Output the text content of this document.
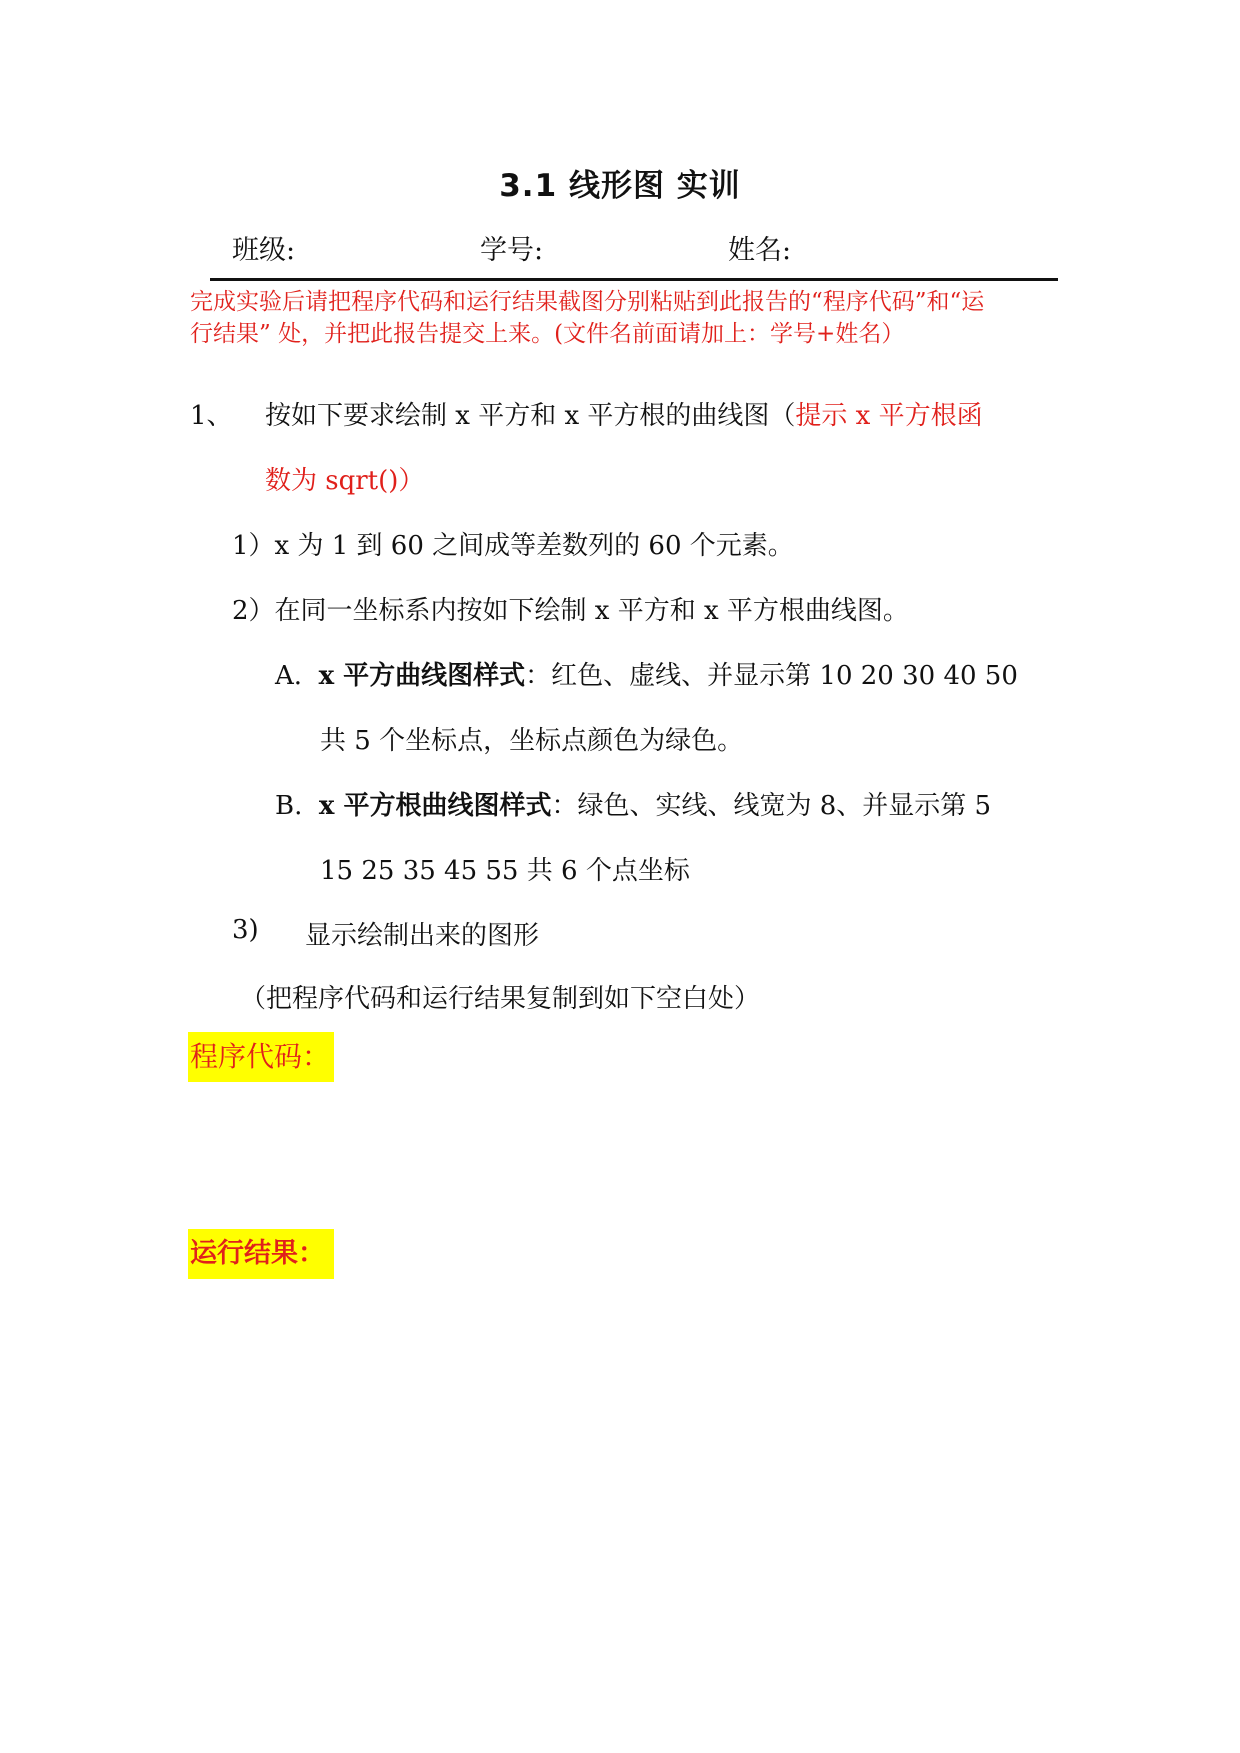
3.1 线形图 实训
班级:	学号:	姓名:
完成实验后请把程序代码和运行结果截图分别粘贴到此报告的“程序代码”和“运
行结果” 处，并把此报告提交上来。(文件名前面请加上：学号+姓名）
1、 按如下要求绘制 x 平方和 x 平方根的曲线图（提示 x 平方根函
数为 sqrt()）
1）x 为 1 到 60 之间成等差数列的 60 个元素。
2）在同一坐标系内按如下绘制 x 平方和 x 平方根曲线图。
A. x 平方曲线图样式：红色、虚线、并显示第 10 20 30 40 50
共 5 个坐标点，坐标点颜色为绿色。
B. x 平方根曲线图样式：绿色、实线、线宽为 8、并显示第 5
15 25 35 45 55 共 6 个点坐标
3) 显示绘制出来的图形
（把程序代码和运行结果复制到如下空白处）
程序代码：
运行结果：
